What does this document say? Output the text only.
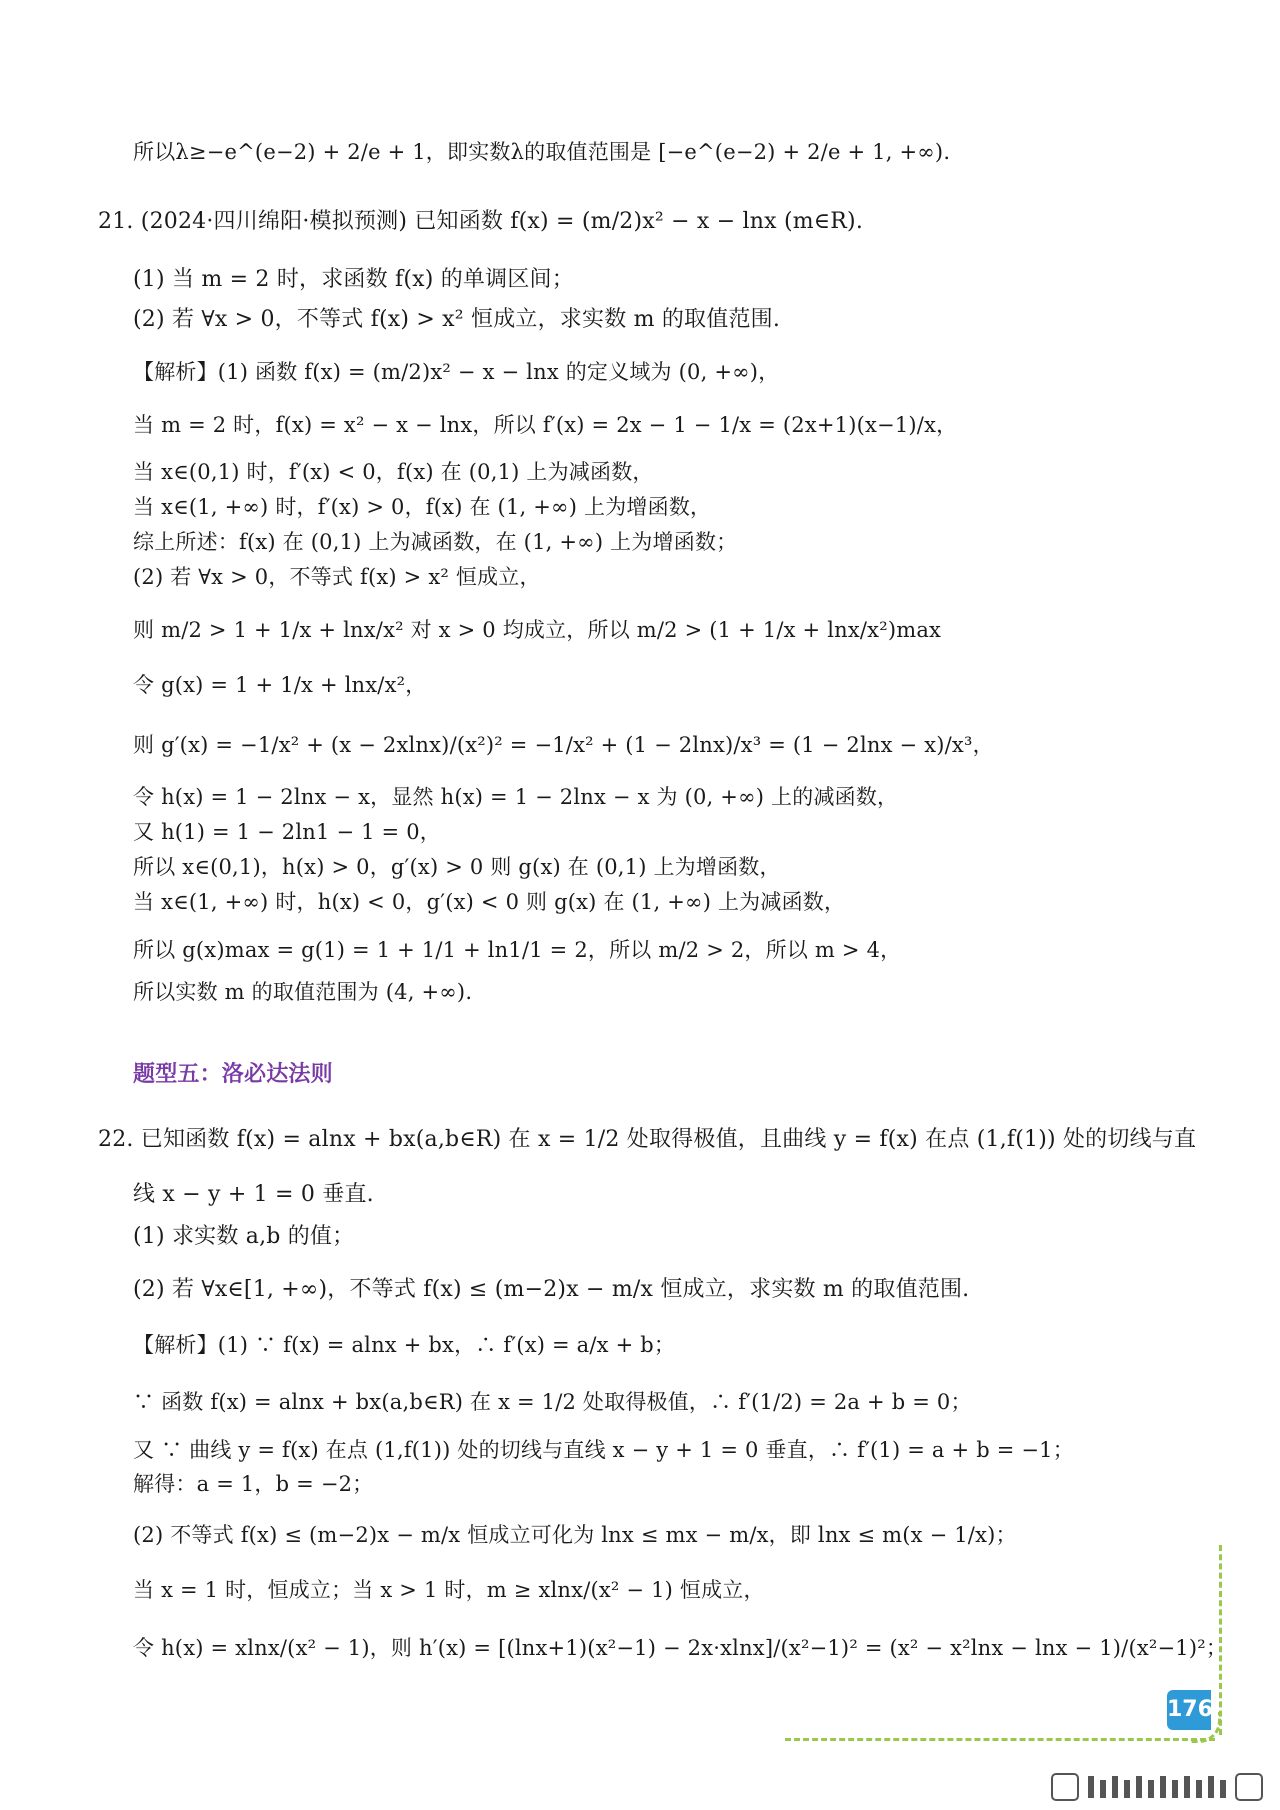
所以λ≥−e^(e−2) + 2/e + 1，即实数λ的取值范围是 [−e^(e−2) + 2/e + 1, +∞).
21. (2024·四川绵阳·模拟预测) 已知函数 f(x) = (m/2)x² − x − lnx (m∈R).
(1) 当 m = 2 时，求函数 f(x) 的单调区间；
(2) 若 ∀x > 0，不等式 f(x) > x² 恒成立，求实数 m 的取值范围.
【解析】(1) 函数 f(x) = (m/2)x² − x − lnx 的定义域为 (0, +∞)，
当 m = 2 时，f(x) = x² − x − lnx，所以 f′(x) = 2x − 1 − 1/x = (2x+1)(x−1)/x，
当 x∈(0,1) 时，f′(x) < 0，f(x) 在 (0,1) 上为减函数，
当 x∈(1, +∞) 时，f′(x) > 0，f(x) 在 (1, +∞) 上为增函数，
综上所述：f(x) 在 (0,1) 上为减函数，在 (1, +∞) 上为增函数；
(2) 若 ∀x > 0，不等式 f(x) > x² 恒成立，
则 m/2 > 1 + 1/x + lnx/x² 对 x > 0 均成立，所以 m/2 > (1 + 1/x + lnx/x²)max
令 g(x) = 1 + 1/x + lnx/x²，
则 g′(x) = −1/x² + (x − 2xlnx)/(x²)² = −1/x² + (1 − 2lnx)/x³ = (1 − 2lnx − x)/x³，
令 h(x) = 1 − 2lnx − x，显然 h(x) = 1 − 2lnx − x 为 (0, +∞) 上的减函数，
又 h(1) = 1 − 2ln1 − 1 = 0，
所以 x∈(0,1)，h(x) > 0，g′(x) > 0 则 g(x) 在 (0,1) 上为增函数，
当 x∈(1, +∞) 时，h(x) < 0，g′(x) < 0 则 g(x) 在 (1, +∞) 上为减函数，
所以 g(x)max = g(1) = 1 + 1/1 + ln1/1 = 2，所以 m/2 > 2，所以 m > 4，
所以实数 m 的取值范围为 (4, +∞).
题型五：洛必达法则
22. 已知函数 f(x) = alnx + bx(a,b∈R) 在 x = 1/2 处取得极值，且曲线 y = f(x) 在点 (1,f(1)) 处的切线与直
线 x − y + 1 = 0 垂直.
(1) 求实数 a,b 的值；
(2) 若 ∀x∈[1, +∞)，不等式 f(x) ≤ (m−2)x − m/x 恒成立，求实数 m 的取值范围.
【解析】(1) ∵ f(x) = alnx + bx，∴ f′(x) = a/x + b；
∵ 函数 f(x) = alnx + bx(a,b∈R) 在 x = 1/2 处取得极值，∴ f′(1/2) = 2a + b = 0；
又 ∵ 曲线 y = f(x) 在点 (1,f(1)) 处的切线与直线 x − y + 1 = 0 垂直，∴ f′(1) = a + b = −1；
解得：a = 1，b = −2；
(2) 不等式 f(x) ≤ (m−2)x − m/x 恒成立可化为 lnx ≤ mx − m/x，即 lnx ≤ m(x − 1/x)；
当 x = 1 时，恒成立；当 x > 1 时，m ≥ xlnx/(x² − 1) 恒成立，
令 h(x) = xlnx/(x² − 1)，则 h′(x) = [(lnx+1)(x²−1) − 2x·xlnx]/(x²−1)² = (x² − x²lnx − lnx − 1)/(x²−1)²；
176
